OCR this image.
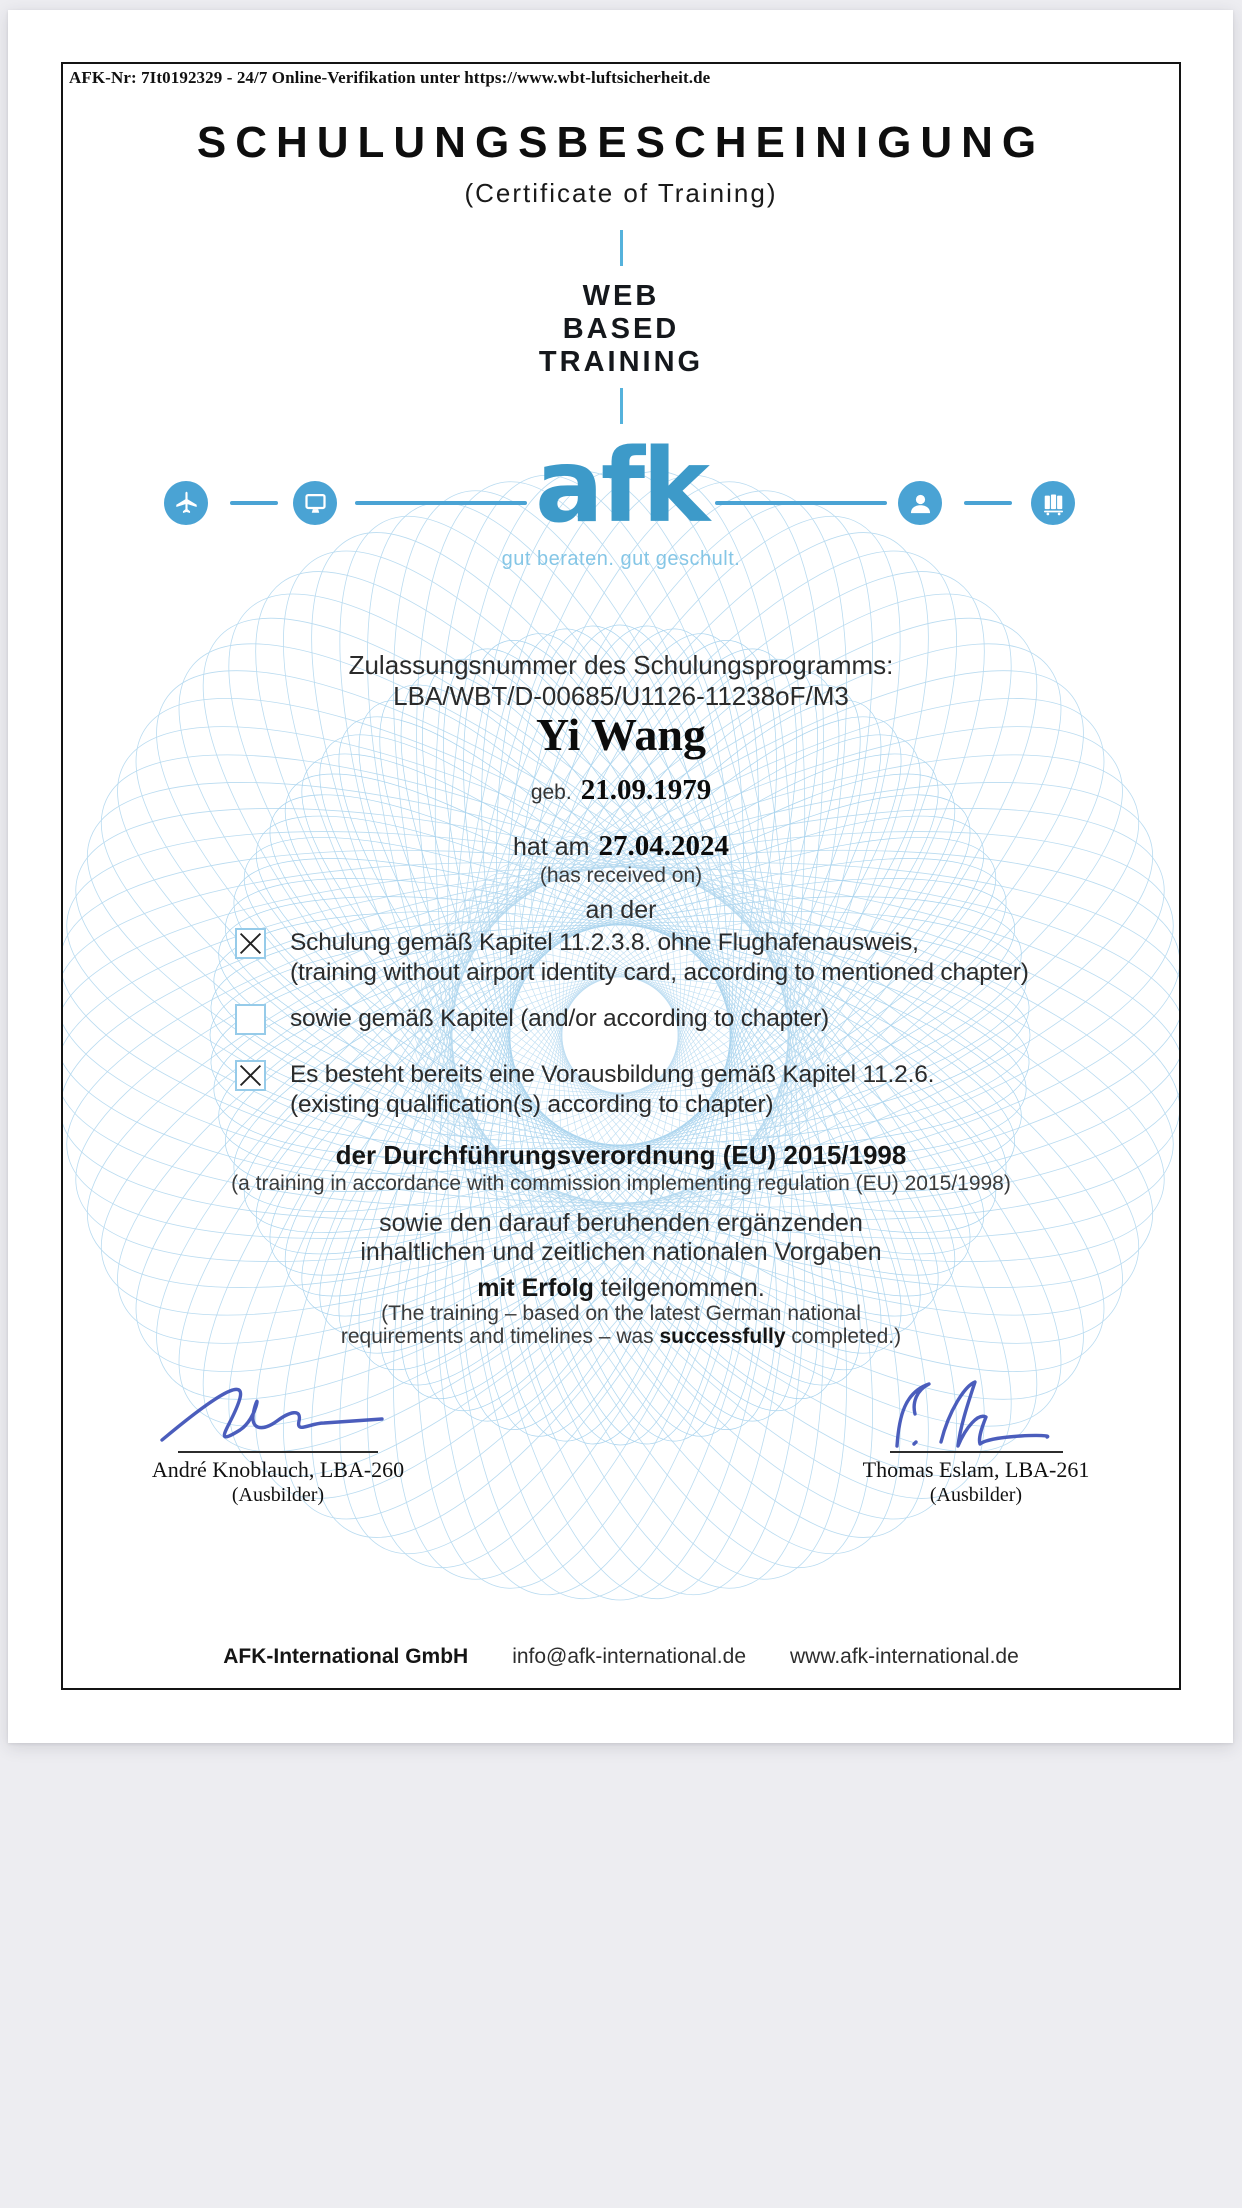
AFK-Nr: 7It0192329 - 24/7 Online-Verifikation unter https://www.wbt-luftsicherheit.de
SCHULUNGSBESCHEINIGUNG
(Certificate of Training)
WEB
BASED
TRAINING
afk
gut beraten. gut geschult.
Zulassungsnummer des Schulungsprogramms:
LBA/WBT/D-00685/U1126-11238oF/M3
Yi Wang
geb. 21.09.1979
hat am 27.04.2024
(has received on)
an der
Schulung gemäß Kapitel 11.2.3.8. ohne Flughafenausweis,
(training without airport identity card, according to mentioned chapter)
sowie gemäß Kapitel (and/or according to chapter)
Es besteht bereits eine Vorausbildung gemäß Kapitel 11.2.6.
(existing qualification(s) according to chapter)
der Durchführungsverordnung (EU) 2015/1998
(a training in accordance with commission implementing regulation (EU) 2015/1998)
sowie den darauf beruhenden ergänzenden
inhaltlichen und zeitlichen nationalen Vorgaben
mit Erfolg teilgenommen.
(The training – based on the latest German national
requirements and timelines – was successfully completed.)
André Knoblauch, LBA-260
(Ausbilder)
Thomas Eslam, LBA-261
(Ausbilder)
AFK-International GmbH info@afk-international.de www.afk-international.de
